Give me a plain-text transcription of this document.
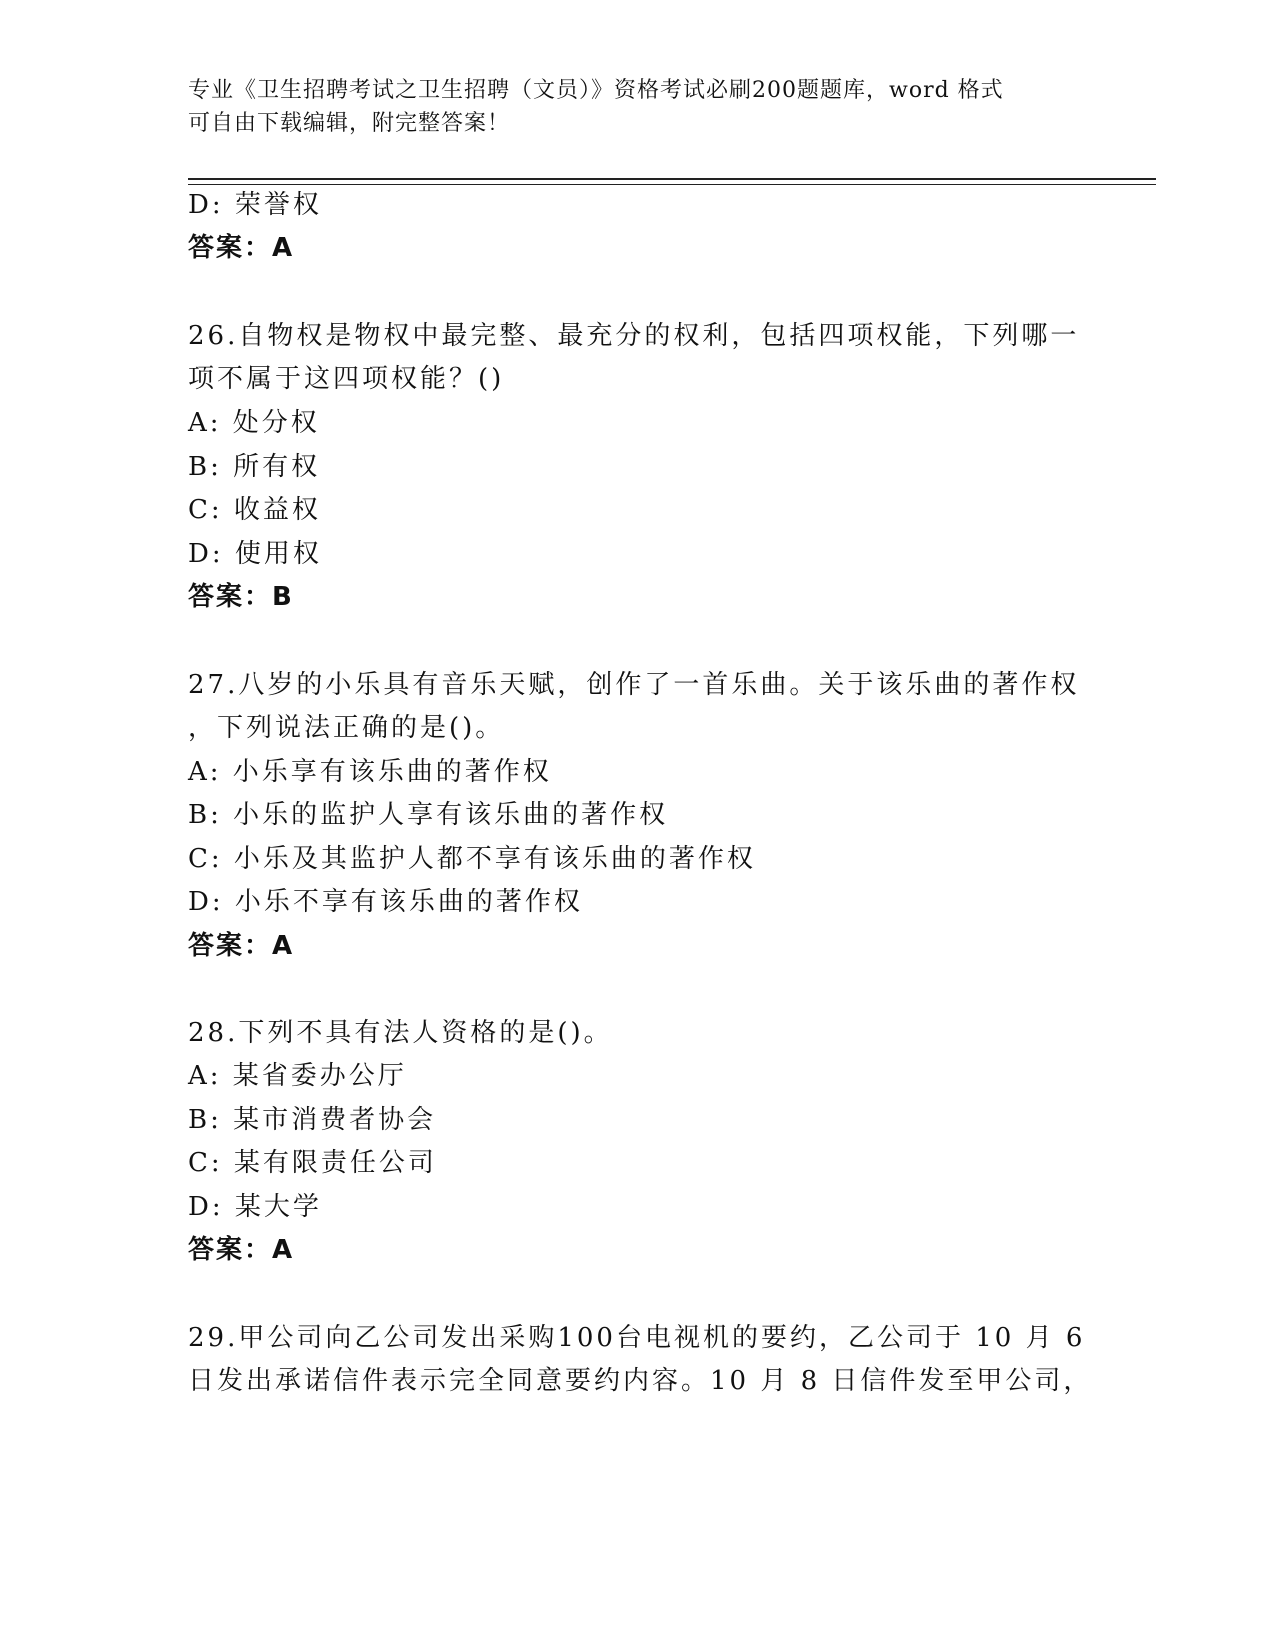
专业《卫生招聘考试之卫生招聘（文员）》资格考试必刷200题题库，word 格式
可自由下载编辑，附完整答案！
D: 荣誉权
答案：A
26.自物权是物权中最完整、最充分的权利，包括四项权能，下列哪一
项不属于这四项权能？()
A: 处分权
B: 所有权
C: 收益权
D: 使用权
答案：B
27.八岁的小乐具有音乐天赋，创作了一首乐曲。关于该乐曲的著作权
，下列说法正确的是()。
A: 小乐享有该乐曲的著作权
B: 小乐的监护人享有该乐曲的著作权
C: 小乐及其监护人都不享有该乐曲的著作权
D: 小乐不享有该乐曲的著作权
答案：A
28.下列不具有法人资格的是()。
A: 某省委办公厅
B: 某市消费者协会
C: 某有限责任公司
D: 某大学
答案：A
29.甲公司向乙公司发出采购100台电视机的要约，乙公司于 10 月 6
日发出承诺信件表示完全同意要约内容。10 月 8 日信件发至甲公司，
